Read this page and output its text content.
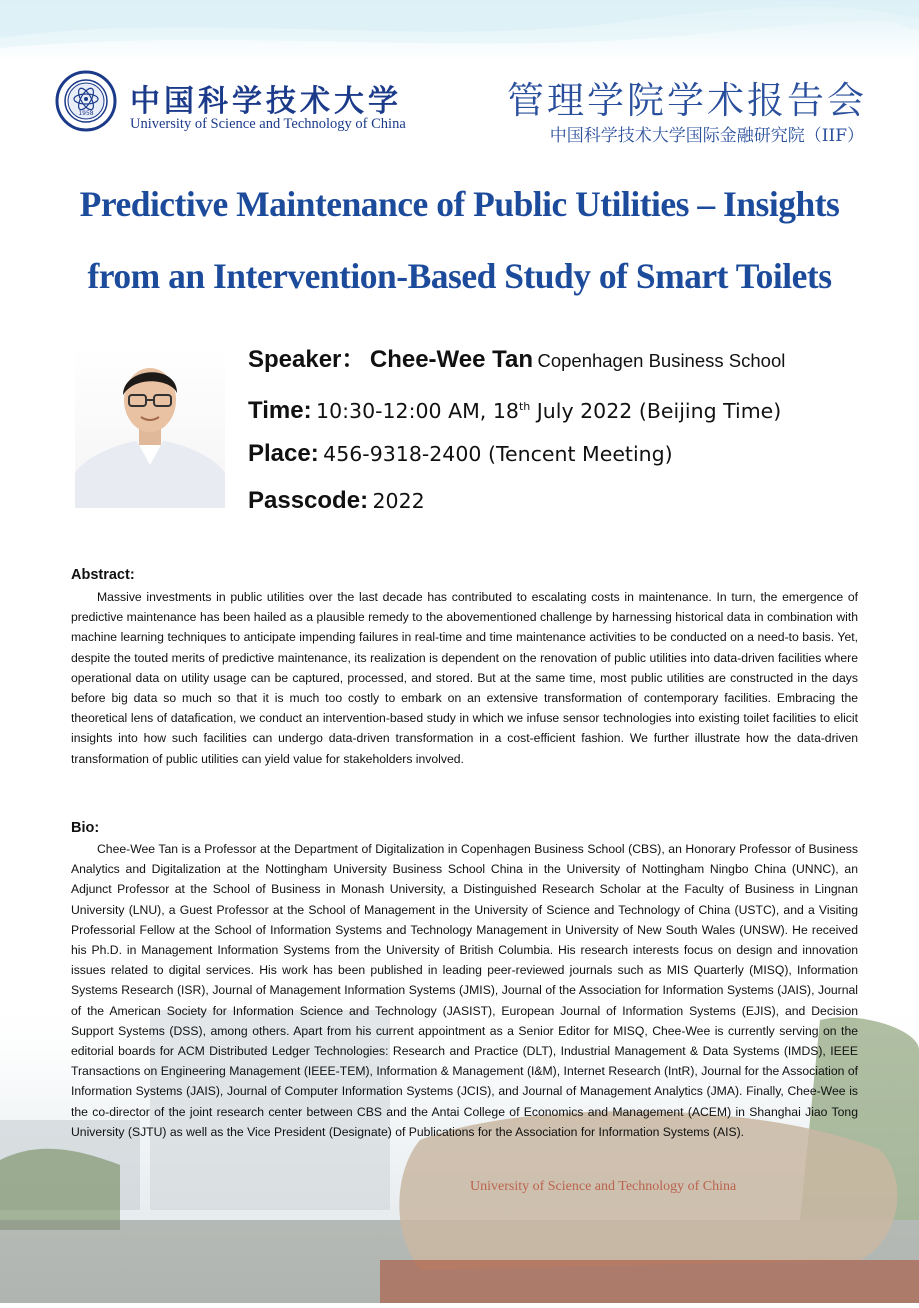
1958	中国科学技术大学
University of Science and Technology of China
管理学院学术报告会
中国科学技术大学国际金融研究院（IIF）
Predictive Maintenance of Public Utilities – Insights
from an Intervention-Based Study of Smart Toilets
Speaker： Chee-Wee Tan Copenhagen Business School
Time: 10:30-12:00 AM, 18th July 2022 (Beijing Time)
Place: 456-9318-2400 (Tencent Meeting)
Passcode: 2022
University of Science and Technology of China
Abstract:
Massive investments in public utilities over the last decade has contributed to escalating costs in maintenance. In turn, the emergence of predictive maintenance has been hailed as a plausible remedy to the abovementioned challenge by harnessing historical data in combination with machine learning techniques to anticipate impending failures in real-time and time maintenance activities to be conducted on a need-to basis. Yet, despite the touted merits of predictive maintenance, its realization is dependent on the renovation of public utilities into data-driven facilities where operational data on utility usage can be captured, processed, and stored. But at the same time, most public utilities are constructed in the days before big data so much so that it is much too costly to embark on an extensive transformation of contemporary facilities. Embracing the theoretical lens of datafication, we conduct an intervention-based study in which we infuse sensor technologies into existing toilet facilities to elicit insights into how such facilities can undergo data-driven transformation in a cost-efficient fashion. We further illustrate how the data-driven transformation of public utilities can yield value for stakeholders involved.
Bio:
Chee-Wee Tan is a Professor at the Department of Digitalization in Copenhagen Business School (CBS), an Honorary Professor of Business Analytics and Digitalization at the Nottingham University Business School China in the University of Nottingham Ningbo China (UNNC), an Adjunct Professor at the School of Business in Monash University, a Distinguished Research Scholar at the Faculty of Business in Lingnan University (LNU), a Guest Professor at the School of Management in the University of Science and Technology of China (USTC), and a Visiting Professorial Fellow at the School of Information Systems and Technology Management in University of New South Wales (UNSW). He received his Ph.D. in Management Information Systems from the University of British Columbia. His research interests focus on design and innovation issues related to digital services. His work has been published in leading peer-reviewed journals such as MIS Quarterly (MISQ), Information Systems Research (ISR), Journal of Management Information Systems (JMIS), Journal of the Association for Information Systems (JAIS), Journal of the American Society for Information Science and Technology (JASIST), European Journal of Information Systems (EJIS), and Decision Support Systems (DSS), among others. Apart from his current appointment as a Senior Editor for MISQ, Chee-Wee is currently serving on the editorial boards for ACM Distributed Ledger Technologies: Research and Practice (DLT), Industrial Management & Data Systems (IMDS), IEEE Transactions on Engineering Management (IEEE-TEM), Information & Management (I&M), Internet Research (IntR), Journal for the Association of Information Systems (JAIS), Journal of Computer Information Systems (JCIS), and Journal of Management Analytics (JMA). Finally, Chee-Wee is the co-director of the joint research center between CBS and the Antai College of Economics and Management (ACEM) in Shanghai Jiao Tong University (SJTU) as well as the Vice President (Designate) of Publications for the Association for Information Systems (AIS).
